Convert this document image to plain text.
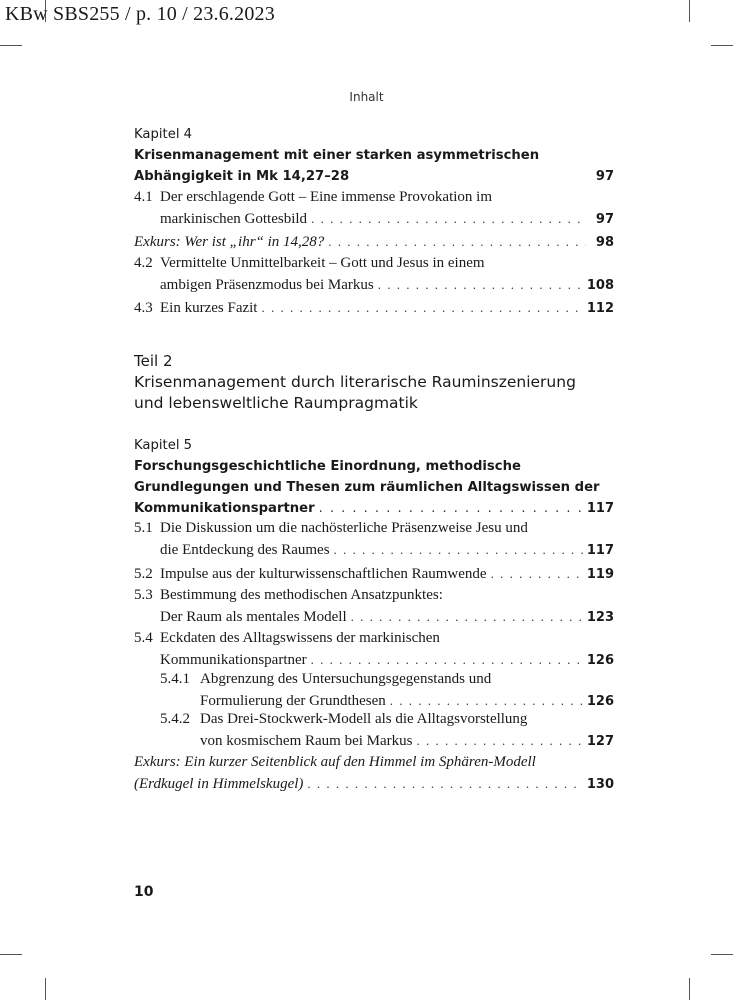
KBw SBS255 / p. 10 / 23.6.2023
Inhalt
Kapitel 4
Krisenmanagement mit einer starken asymmetrischen
Abhängigkeit in Mk 14,27–28	97
4.1 Der erschlagende Gott – Eine immense Provokation im
markinischen Gottesbild . . .	97
Exkurs: Wer ist „ihr“ in 14,28? . . .	98
4.2 Vermittelte Unmittelbarkeit – Gott und Jesus in einem
ambigen Präsenzmodus bei Markus . . .	108
4.3 Ein kurzes Fazit . . .	112
Teil 2
Krisenmanagement durch literarische Rauminszenierung
und lebensweltliche Raumpragmatik
Kapitel 5
Forschungsgeschichtliche Einordnung, methodische
Grundlegungen und Thesen zum räumlichen Alltagswissen der
Kommunikationspartner . . .	117
5.1 Die Diskussion um die nachösterliche Präsenzweise Jesu und
die Entdeckung des Raumes . . .	117
5.2 Impulse aus der kulturwissenschaftlichen Raumwende . . .	119
5.3 Bestimmung des methodischen Ansatzpunktes:
Der Raum als mentales Modell . . .	123
5.4 Eckdaten des Alltagswissens der markinischen
Kommunikationspartner . . .	126
5.4.1 Abgrenzung des Untersuchungsgegenstands und
Formulierung der Grundthesen . . .	126
5.4.2 Das Drei-Stockwerk-Modell als die Alltagsvorstellung
von kosmischem Raum bei Markus . . .	127
Exkurs: Ein kurzer Seitenblick auf den Himmel im Sphären-Modell
(Erdkugel in Himmelskugel) . . .	130
10
